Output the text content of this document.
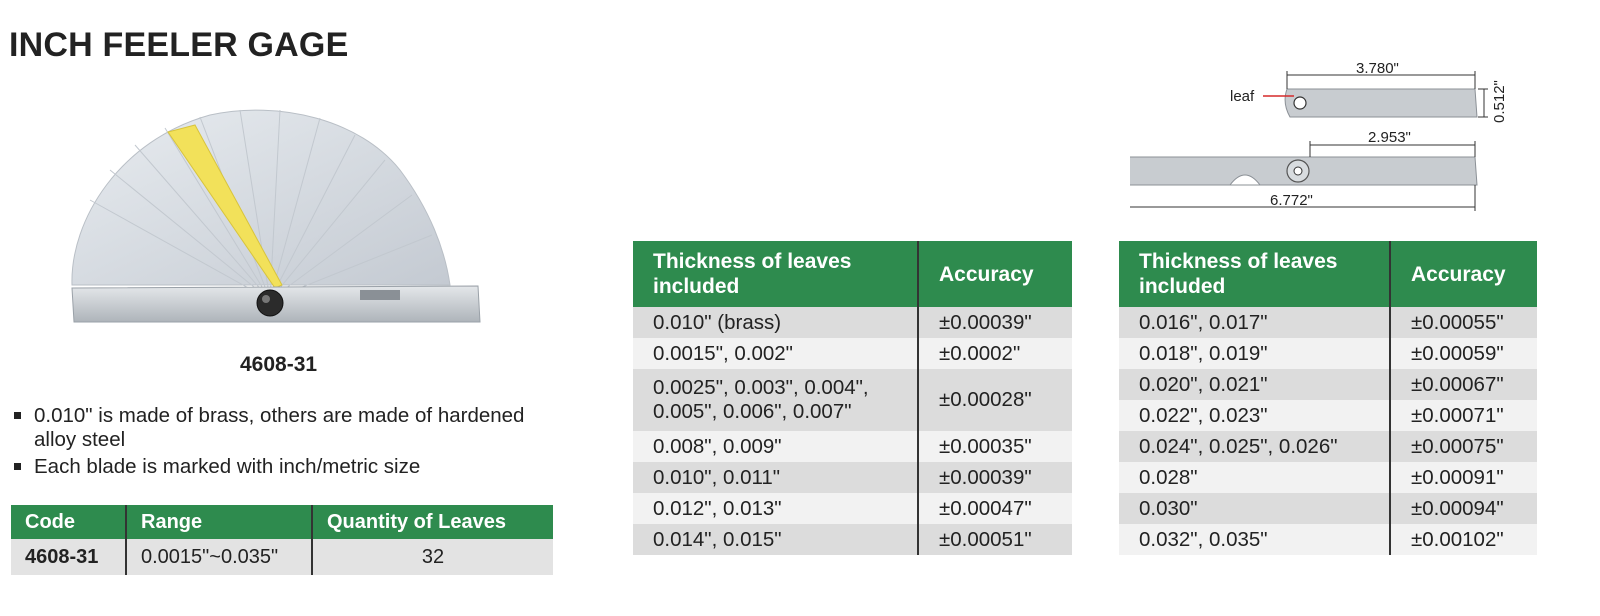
INCH FEELER GAGE
4608-31
0.010" is made of brass, others are made of hardened alloy steel
Each blade is marked with inch/metric size
Code	Range	Quantity of Leaves
4608-31	0.0015"~0.035"	32
Thickness of leaves included	Accuracy
0.010" (brass)	±0.00039"
0.0015", 0.002"	±0.0002"
0.0025", 0.003", 0.004", 0.005", 0.006", 0.007"	±0.00028"
0.008", 0.009"	±0.00035"
0.010", 0.011"	±0.00039"
0.012", 0.013"	±0.00047"
0.014", 0.015"	±0.00051"
Thickness of leaves included	Accuracy
0.016", 0.017"	±0.00055"
0.018", 0.019"	±0.00059"
0.020", 0.021"	±0.00067"
0.022", 0.023"	±0.00071"
0.024", 0.025", 0.026"	±0.00075"
0.028"	±0.00091"
0.030"	±0.00094"
0.032", 0.035"	±0.00102"
leaf
3.780"
0.512"
2.953"
6.772"
